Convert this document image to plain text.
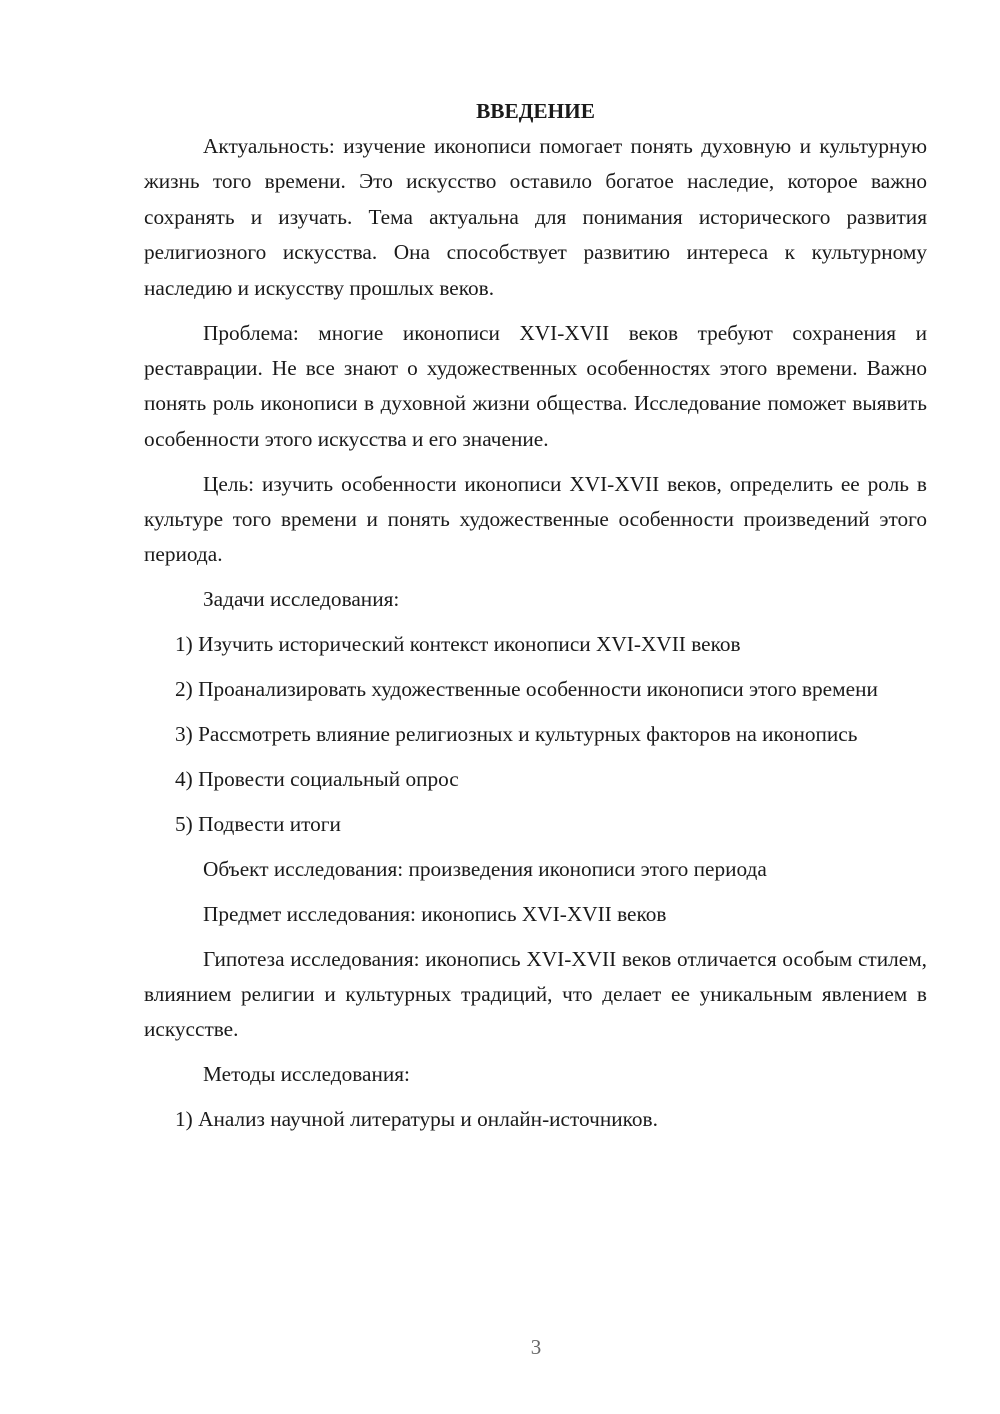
ВВЕДЕНИЕ

Актуальность: изучение иконописи помогает понять духовную и культурную жизнь того времени. Это искусство оставило богатое наследие, которое важно сохранять и изучать. Тема актуальна для понимания исторического развития религиозного искусства. Она способствует развитию интереса к культурному наследию и искусству прошлых веков.

Проблема: многие иконописи XVI-XVII веков требуют сохранения и реставрации. Не все знают о художественных особенностях этого времени. Важно понять роль иконописи в духовной жизни общества. Исследование поможет выявить особенности этого искусства и его значение.

Цель: изучить особенности иконописи XVI-XVII веков, определить ее роль в культуре того времени и понять художественные особенности произведений этого периода.

Задачи исследования:

1) Изучить исторический контекст иконописи XVI-XVII веков

2) Проанализировать художественные особенности иконописи этого времени

3) Рассмотреть влияние религиозных и культурных факторов на иконопись

4) Провести социальный опрос

5) Подвести итоги

Объект исследования: произведения иконописи этого периода

Предмет исследования: иконопись XVI-XVII веков

Гипотеза исследования: иконопись XVI-XVII веков отличается особым стилем, влиянием религии и культурных традиций, что делает ее уникальным явлением в искусстве.

Методы исследования:

1) Анализ научной литературы и онлайн-источников.

3
